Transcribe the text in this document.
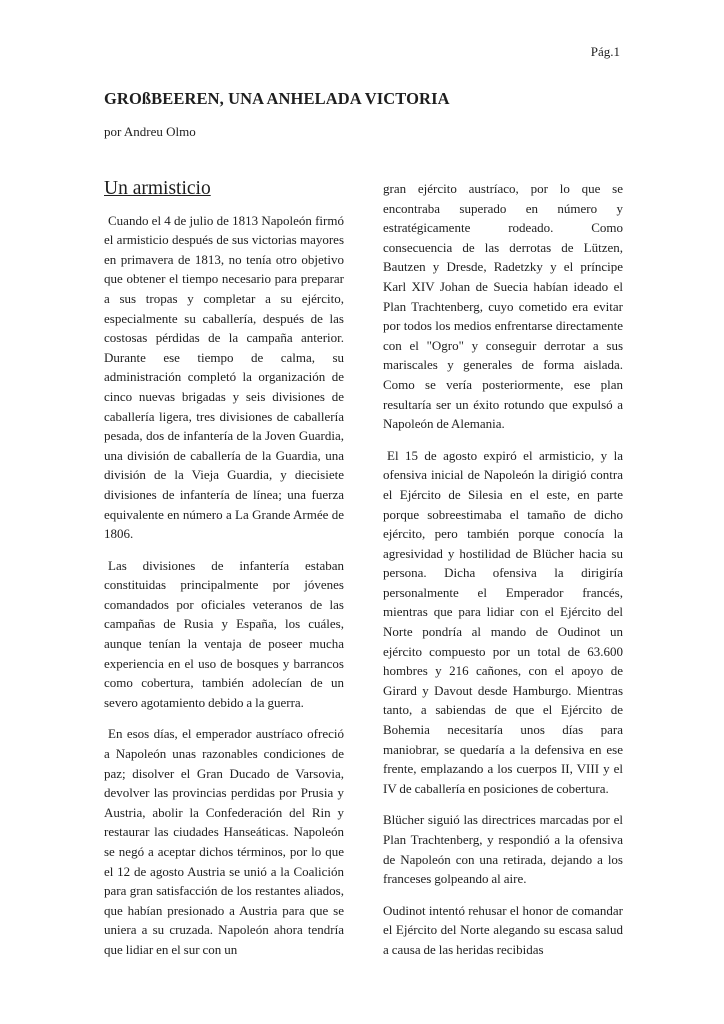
Pág.1
GROßBEEREN, UNA ANHELADA VICTORIA

por Andreu Olmo

Un armisticio

Cuando el 4 de julio de 1813 Napoleón firmó el armisticio después de sus victorias mayores en primavera de 1813, no tenía otro objetivo que obtener el tiempo necesario para preparar a sus tropas y completar a su ejército, especialmente su caballería, después de las costosas pérdidas de la campaña anterior. Durante ese tiempo de calma, su administración completó la organización de cinco nuevas brigadas y seis divisiones de caballería ligera, tres divisiones de caballería pesada, dos de infantería de la Joven Guardia, una división de caballería de la Guardia, una división de la Vieja Guardia, y diecisiete divisiones de infantería de línea; una fuerza equivalente en número a La Grande Armée de 1806.

Las divisiones de infantería estaban constituidas principalmente por jóvenes comandados por oficiales veteranos de las campañas de Rusia y España, los cuáles, aunque tenían la ventaja de poseer mucha experiencia en el uso de bosques y barrancos como cobertura, también adolecían de un severo agotamiento debido a la guerra.

En esos días, el emperador austríaco ofreció a Napoleón unas razonables condiciones de paz; disolver el Gran Ducado de Varsovia, devolver las provincias perdidas por Prusia y Austria, abolir la Confederación del Rin y restaurar las ciudades Hanseáticas. Napoleón se negó a aceptar dichos términos, por lo que el 12 de agosto Austria se unió a la Coalición para gran satisfacción de los restantes aliados, que habían presionado a Austria para que se uniera a su cruzada. Napoleón ahora tendría que lidiar en el sur con un

gran ejército austríaco, por lo que se encontraba superado en número y estratégicamente rodeado. Como consecuencia de las derrotas de Lützen, Bautzen y Dresde, Radetzky y el príncipe Karl XIV Johan de Suecia habían ideado el Plan Trachtenberg, cuyo cometido era evitar por todos los medios enfrentarse directamente con el "Ogro" y conseguir derrotar a sus mariscales y generales de forma aislada. Como se vería posteriormente, ese plan resultaría ser un éxito rotundo que expulsó a Napoleón de Alemania.

El 15 de agosto expiró el armisticio, y la ofensiva inicial de Napoleón la dirigió contra el Ejército de Silesia en el este, en parte porque sobreestimaba el tamaño de dicho ejército, pero también porque conocía la agresividad y hostilidad de Blücher hacia su persona. Dicha ofensiva la dirigiría personalmente el Emperador francés, mientras que para lidiar con el Ejército del Norte pondría al mando de Oudinot un ejército compuesto por un total de 63.600 hombres y 216 cañones, con el apoyo de Girard y Davout desde Hamburgo. Mientras tanto, a sabiendas de que el Ejército de Bohemia necesitaría unos días para maniobrar, se quedaría a la defensiva en ese frente, emplazando a los cuerpos II, VIII y el IV de caballería en posiciones de cobertura.

Blücher siguió las directrices marcadas por el Plan Trachtenberg, y respondió a la ofensiva de Napoleón con una retirada, dejando a los franceses golpeando al aire.

Oudinot intentó rehusar el honor de comandar el Ejército del Norte alegando su escasa salud a causa de las heridas recibidas
